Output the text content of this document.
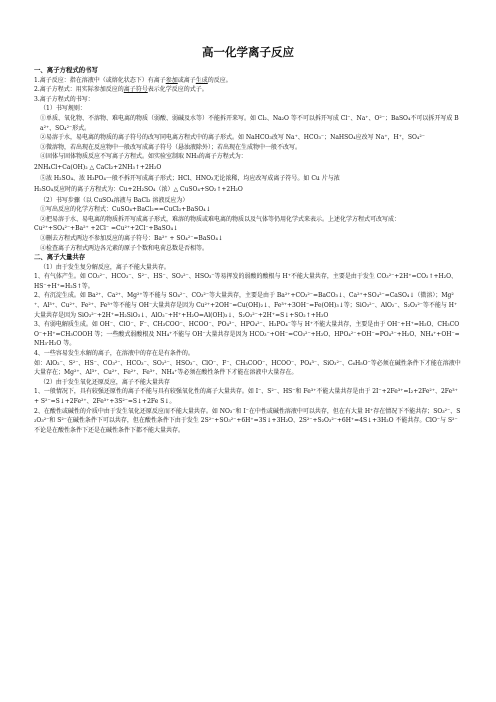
高一化学离子反应

一、离子方程式的书写

1.离子反应：指在溶液中（或熔化状态下）有离子参加或离子生成的反应。

2.离子方程式：用实际参加反应的离子符号表示化学反应的式子。

3.离子方程式的书写：

（1）书写规则：

①单质、氧化物、不溶物、难电离的物质（弱酸、弱碱及水等）不能拆开来写。如 Cl₂、Na₂O 等不可以拆开写成 Cl⁻、Na⁺、O²⁻；BaSO₄不可以拆开写成 Ba²⁺、SO₄²⁻形式。

②易溶于水，易电离的物质的离子符号的改写同电离方程式中的离子形式。如 NaHCO₃改写 Na⁺、HCO₃⁻；NaHSO₄应改写 Na⁺，H⁺，SO₄²⁻

③微溶物，若出现在反应物中一般改写成离子符号（悬浊液除外）；若出现在生成物中一般不改写。

④固体与固体物质反应不写离子方程式。如实验室制取 NH₃的离子方程式为：

2NH₄Cl+Ca(OH)₂ △ CaCl₂+2NH₃↑+2H₂O

⑤浓 H₂SO₄、浓 H₃PO₄一般不拆开写成离子形式；HCl、HNO₃无论浓稀，均应改写成离子符号。如 Cu 片与浓

H₂SO₄反应时的离子方程式为：Cu+2H₂SO₄（浓）△ CuSO₄+SO₂↑+2H₂O

（2）书写步骤（以 CuSO₄溶液与 BaCl₂ 溶液反应为）

①写出反应的化学方程式：CuSO₄+BaCl₂==CuCl₂+BaSO₄↓

②把易溶于水、易电离的物质拆开写成离子形式，难溶的物质或难电离的物质以及气体等仍用化学式来表示。上述化学方程式可改写成：

Cu²⁺+SO₄²⁻+Ba²⁺ +2Cl⁻ =Cu²⁺+2Cl⁻+BaSO₄↓

③删去方程式两边不参加反应的离子符号：Ba²⁺ + SO₄²⁻=BaSO₄↓

④检查离子方程式两边各元素的原子个数和电荷总数是否相等。

二、离子大量共存

（1）由于发生复分解反应，离子不能大量共存。

1、有气体产生。如 CO₃²⁻、HCO₃⁻、S²⁻、HS⁻、SO₃²⁻、HSO₃⁻等易挥发的弱酸的酸根与 H⁺不能大量共存，主要是由于发生 CO₃²⁻+2H⁺=CO₂↑+H₂O、HS⁻+H⁺=H₂S↑等。

2、有沉淀生成。如 Ba²⁺、Ca²⁺、Mg²⁺等不能与 SO₄²⁻、CO₃²⁻等大量共存，主要是由于 Ba²⁺+CO₃²⁻=BaCO₃↓、Ca²⁺+SO₄²⁻=CaSO₄↓（微溶）；Mg²⁺、Al³⁺、Cu²⁺、Fe²⁺、Fe³⁺等不能与 OH⁻大量共存是因为 Cu²⁺+2OH⁻=Cu(OH)₂↓、Fe³⁺+3OH⁻=Fe(OH)₃↓等；SiO₃²⁻、AlO₂⁻、S₂O₃²⁻等不能与 H⁺大量共存是因为 SiO₃²⁻+2H⁺=H₂SiO₃↓、AlO₂⁻+H⁺+H₂O=Al(OH)₃↓、S₂O₃²⁻+2H⁺=S↓+SO₂↑+H₂O

3、有弱电解质生成。如 OH⁻、ClO⁻、F⁻、CH₃COO⁻、HCOO⁻、PO₄³⁻、HPO₄²⁻、H₂PO₄⁻等与 H⁺不能大量共存，主要是由于 OH⁻+H⁺=H₂O、CH₃COO⁻+H⁺=CH₃COOH 等；一些酸式弱酸根及 NH₄⁺不能与 OH⁻大量共存是因为 HCO₃⁻+OH⁻=CO₃²⁻+H₂O、HPO₄²⁻+OH⁻=PO₄³⁻+H₂O、NH₄⁺+OH⁻=NH₃·H₂O 等。

4、一些容易发生水解的离子，在溶液中的存在是有条件的。

如：AlO₂⁻、S²⁻、HS⁻、CO₃²⁻、HCO₃⁻、SO₃²⁻、HSO₃⁻、ClO⁻、F⁻、CH₃COO⁻、HCOO⁻、PO₄³⁻、SiO₃²⁻、C₆H₅O⁻等必须在碱性条件下才能在溶液中大量存在；Mg²⁺、Al³⁺、Cu²⁺、Fe²⁺、Fe³⁺、NH₄⁺等必须在酸性条件下才能在溶液中大量存在。

（2）由于发生氧化还原反应，离子不能大量共存

1、一般情况下，具有较强还原性的离子不能与具有较强氧化性的离子大量共存。如 I⁻、S²⁻、HS⁻和 Fe³⁺不能大量共存是由于 2I⁻+2Fe³⁺=I₂+2Fe²⁺、2Fe³⁺+ S²⁻=S↓+2Fe²⁺、2Fe³⁺+3S²⁻=S↓+2Fe S↓。

2、在酸性或碱性的介质中由于发生氧化还原反应而不能大量共存。如 NO₃⁻和 I⁻在中性或碱性溶液中可以共存，但在有大量 H⁺存在情况下不能共存；SO₃²⁻、S₂O₃²⁻和 S²⁻在碱性条件下可以共存，但在酸性条件下由于发生 2S²⁻+SO₃²⁻+6H⁺=3S↓+3H₂O、2S²⁻+S₂O₃²⁻+6H⁺=4S↓+3H₂O 不能共存。ClO⁻与 S²⁻不论是在酸性条件下还是在碱性条件下都不能大量共存。
